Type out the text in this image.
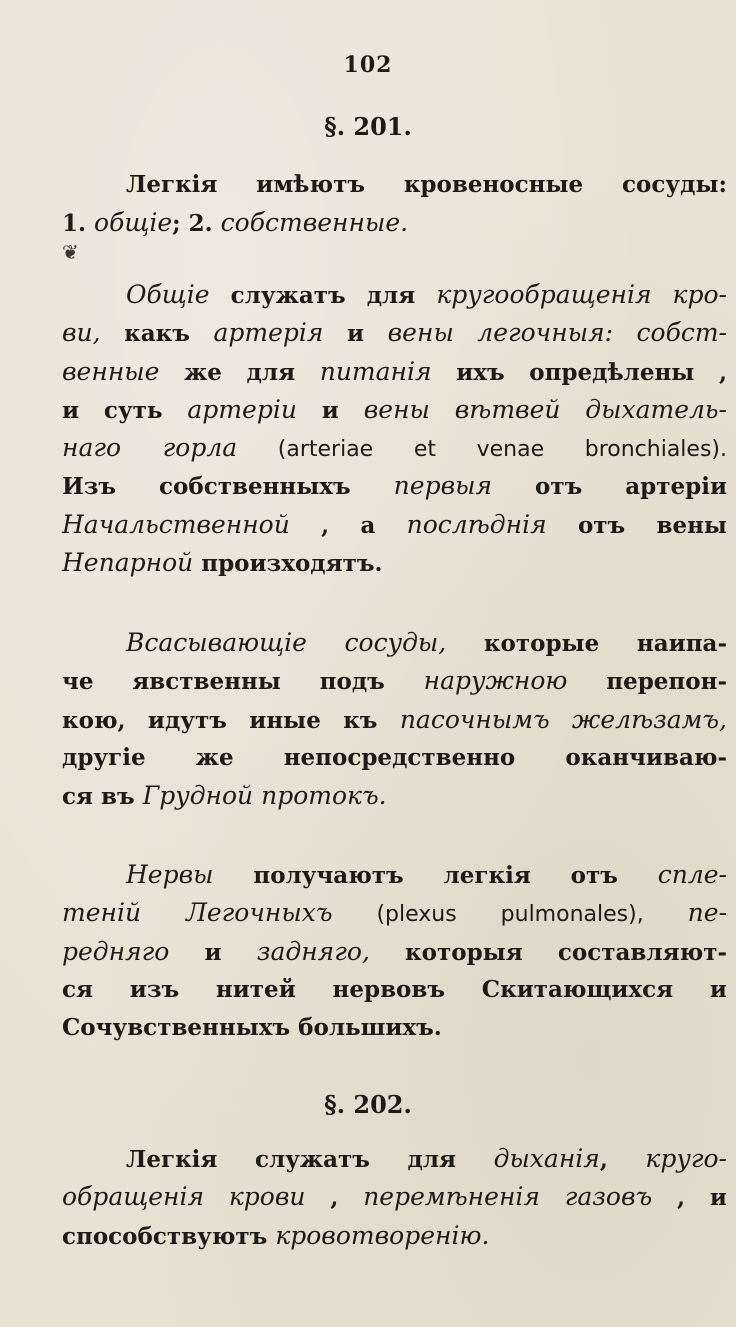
102
§. 201.
Легкія имѣютъ кровеносные сосуды:
1. общіе; 2. собственные.
❦
Общіе служатъ для кругообращенія кро-
ви, какъ артерія и вены легочныя: собст-
венные же для питанія ихъ опредѣлены ,
и суть артеріи и вены вѣтвей дыхатель-
наго горла (arteriae et venae bronchiales).
Изъ собственныхъ первыя отъ артеріи
Начальственной , а послѣднія отъ вены
Непарной произходятъ.
Всасывающіе сосуды, которые наипа-
че явственны подъ наружною перепон-
кою, идутъ иные къ пасочнымъ желѣзамъ,
другіе же непосредственно оканчиваю-
ся въ Грудной протокъ.
Нервы получаютъ легкія отъ спле-
теній Легочныхъ (plexus pulmonales), пе-
редняго и задняго, которыя составляют-
ся изъ нитей нервовъ Скитающихся и
Сочувственныхъ большихъ.
§. 202.
Легкія служатъ для дыханія, круго-
обращенія крови , перемѣненія газовъ , и
способствуютъ кровотворенію.
